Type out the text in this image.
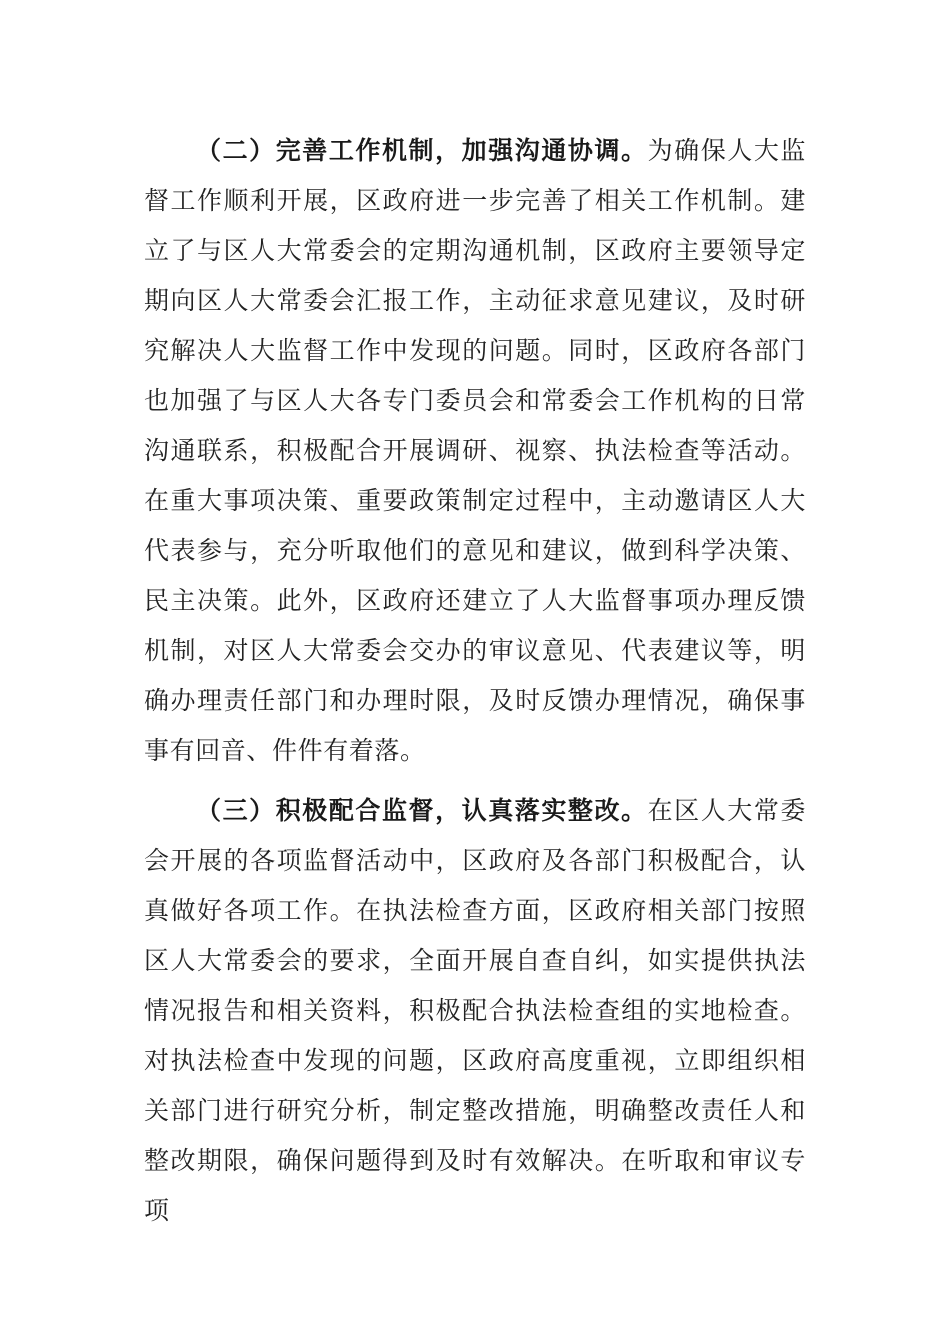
（二）完善工作机制，加强沟通协调。为确保人大监督工作顺利开展，区政府进一步完善了相关工作机制。建立了与区人大常委会的定期沟通机制，区政府主要领导定期向区人大常委会汇报工作，主动征求意见建议，及时研究解决人大监督工作中发现的问题。同时，区政府各部门也加强了与区人大各专门委员会和常委会工作机构的日常沟通联系，积极配合开展调研、视察、执法检查等活动。在重大事项决策、重要政策制定过程中，主动邀请区人大代表参与，充分听取他们的意见和建议，做到科学决策、民主决策。此外，区政府还建立了人大监督事项办理反馈机制，对区人大常委会交办的审议意见、代表建议等，明确办理责任部门和办理时限，及时反馈办理情况，确保事事有回音、件件有着落。

（三）积极配合监督，认真落实整改。在区人大常委会开展的各项监督活动中，区政府及各部门积极配合，认真做好各项工作。在执法检查方面，区政府相关部门按照区人大常委会的要求，全面开展自查自纠，如实提供执法情况报告和相关资料，积极配合执法检查组的实地检查。对执法检查中发现的问题，区政府高度重视，立即组织相关部门进行研究分析，制定整改措施，明确整改责任人和整改期限，确保问题得到及时有效解决。在听取和审议专项
